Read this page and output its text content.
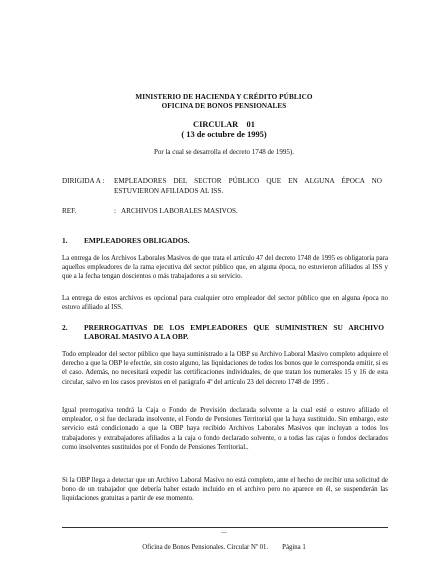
MINISTERIO DE HACIENDA Y CRÉDITO PÚBLICO
OFICINA DE BONOS PENSIONALES
CIRCULAR    01
( 13 de octubre de 1995)
Por la cual se desarrolla el decreto 1748 de 1995).
DIRIGIDA A : EMPLEADORES DEL SECTOR PÚBLICO QUE EN ALGUNA ÉPOCA NO ESTUVIERON AFILIADOS AL ISS.
REF.	:   ARCHIVOS LABORALES MASIVOS.
1. EMPLEADORES OBLIGADOS.
La entrega de los Archivos Laborales Masivos de que trata el artículo 47 del decreto 1748 de 1995 es obligatoria para aquellos empleadores de la rama ejecutiva del sector público que, en alguna época, no estuvieron afiliados al ISS y que a la fecha tengan doscientos o más trabajadores a su servicio.
La entrega de estos archivos es opcional para cualquier otro empleador del sector público que en alguna época no estuvo afiliado al ISS.
2. PRERROGATIVAS DE LOS EMPLEADORES QUE SUMINISTREN SU ARCHIVO LABORAL MASIVO A LA OBP.
Todo empleador del sector público que haya suministrado a la OBP su Archivo Laboral Masivo completo adquiere el derecho a que la OBP le efectúe, sin costo alguno, las liquidaciones de todos los bonos que le corresponda emitir, si es el caso. Además, no necesitará expedir las certificaciones individuales, de que tratan los numerales 15 y 16 de esta circular, salvo en los casos previstos en el parágrafo 4º del artículo 23 del decreto 1748 de 1995 .
Igual prerrogativa tendrá la Caja o Fondo de Previsión declarada solvente a la cual esté o estuvo afiliado el empleador, o si fue declarada insolvente, el Fondo de Pensiones Territorial que la haya sustituido. Sin embargo, este servicio está condicionado a que la OBP haya recibido Archivos Laborales Masivos que incluyan a todos los trabajadores y extrabajadores afiliados a la caja o fondo declarado solvente, o a todas las cajas o fondos declarados como insolventes sustituidos por el Fondo de Pensiones Territorial..
Si la OBP llega a detectar que un Archivo Laboral Masivo no está completo, ante el hecho de recibir una solicitud de bono de un trabajador que debería haber estado incluido en el archivo pero no aparece en él, se suspenderán las liquidaciones gratuitas a partir de ese momento.
—
Oficina de Bonos Pensionales. Circular Nº 01. Página 1
